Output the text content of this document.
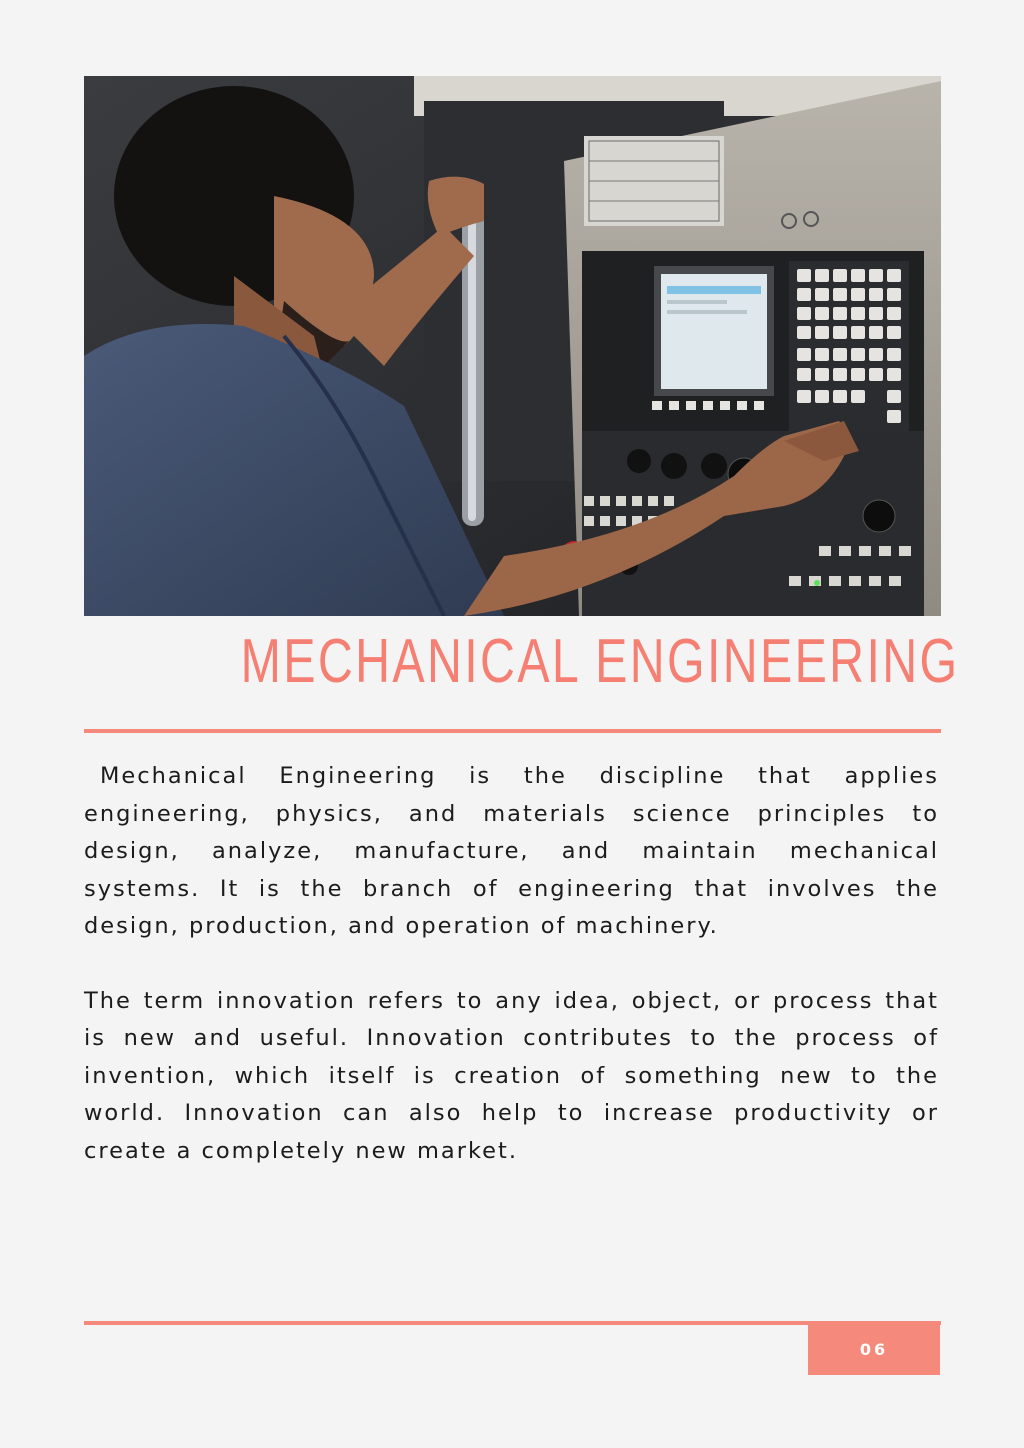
MECHANICAL ENGINEERING

Mechanical Engineering is the discipline that applies engineering, physics, and materials science principles to design, analyze, manufacture, and maintain mechanical systems. It is the branch of engineering that involves the design, production, and operation of machinery.

The term innovation refers to any idea, object, or process that is new and useful. Innovation contributes to the process of invention, which itself is creation of something new to the world. Innovation can also help to increase productivity or create a completely new market.

06
